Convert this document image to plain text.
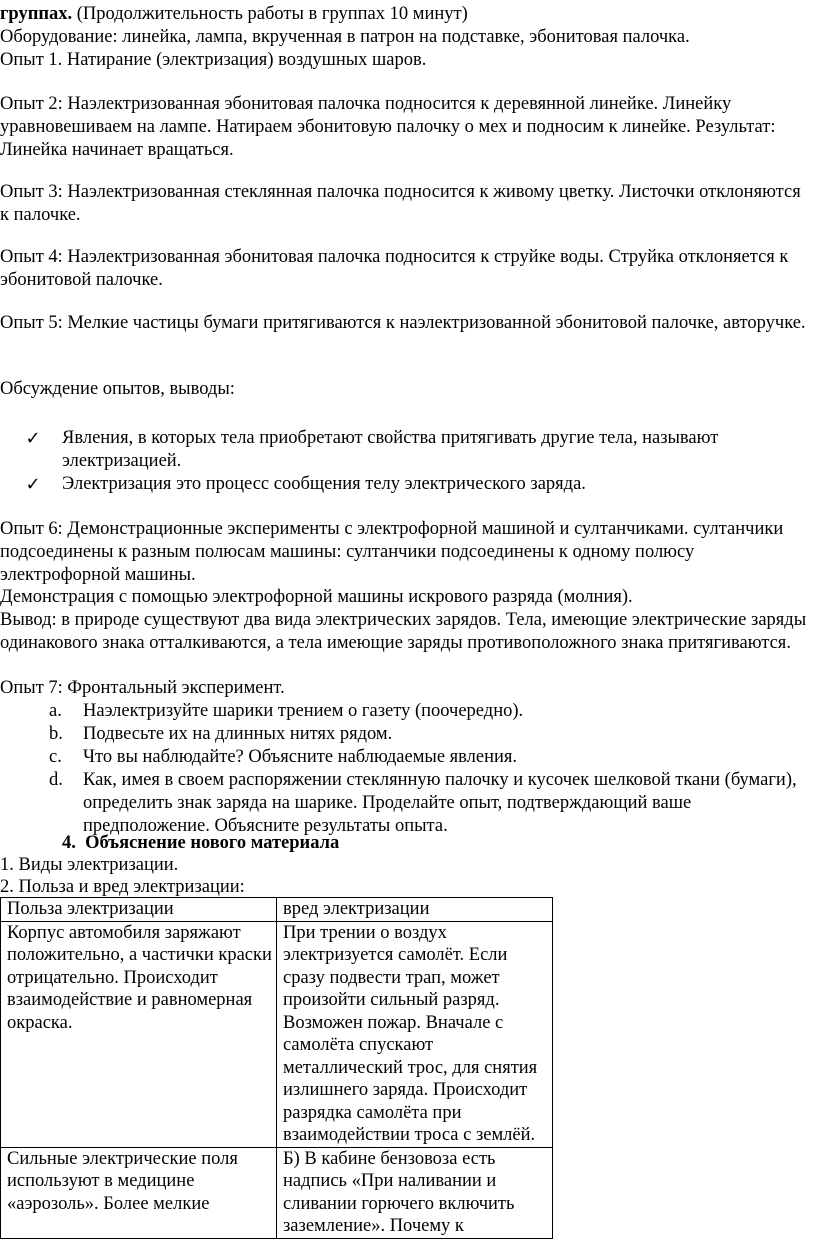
группах. (Продолжительность работы в группах 10 минут)

Оборудование: линейка, лампа, вкрученная в патрон на подставке, эбонитовая палочка.

Опыт 1. Натирание (электризация) воздушных шаров.

Опыт 2: Наэлектризованная эбонитовая палочка подносится к деревянной линейке. Линейку уравновешиваем на лампе. Натираем эбонитовую палочку о мех и подносим к линейке. Результат: Линейка начинает вращаться.

Опыт 3: Наэлектризованная стеклянная палочка подносится к живому цветку. Листочки отклоняются к палочке.

Опыт 4: Наэлектризованная эбонитовая палочка подносится к струйке воды. Струйка отклоняется к эбонитовой палочке.

Опыт 5: Мелкие частицы бумаги притягиваются к наэлектризованной эбонитовой палочке, авторучке.

Обсуждение опытов, выводы:

✓ Явления, в которых тела приобретают свойства притягивать другие тела, называют электризацией.
✓ Электризация это процесс сообщения телу электрического заряда.

Опыт 6: Демонстрационные эксперименты с электрофорной машиной и султанчиками. султанчики подсоединены к разным полюсам машины: султанчики подсоединены к одному полюсу электрофорной машины.

Демонстрация с помощью электрофорной машины искрового разряда (молния).

Вывод: в природе существуют два вида электрических зарядов. Тела, имеющие электрические заряды одинакового знака отталкиваются, а тела имеющие заряды противоположного знака притягиваются.

Опыт 7: Фронтальный эксперимент.

a. Наэлектризуйте шарики трением о газету (поочередно).
b. Подвесьте их на длинных нитях рядом.
c. Что вы наблюдайте? Объясните наблюдаемые явления.
d. Как, имея в своем распоряжении стеклянную палочку и кусочек шелковой ткани (бумаги), определить знак заряда на шарике. Проделайте опыт, подтверждающий ваше предположение. Объясните результаты опыта.

4. Объяснение нового материала

1. Виды электризации.

2. Польза и вред электризации:

Польза электризации	вред электризации
Корпус автомобиля заряжают положительно, а частички краски отрицательно. Происходит взаимодействие и равномерная окраска.	При трении о воздух электризуется самолёт. Если сразу подвести трап, может произойти сильный разряд. Возможен пожар. Вначале с самолёта спускают металлический трос, для снятия излишнего заряда. Происходит разрядка самолёта при взаимодействии троса с землёй.
Сильные электрические поля используют в медицине «аэрозоль». Более мелкие	Б) В кабине бензовоза есть надпись «При наливании и сливании горючего включить заземление». Почему к
